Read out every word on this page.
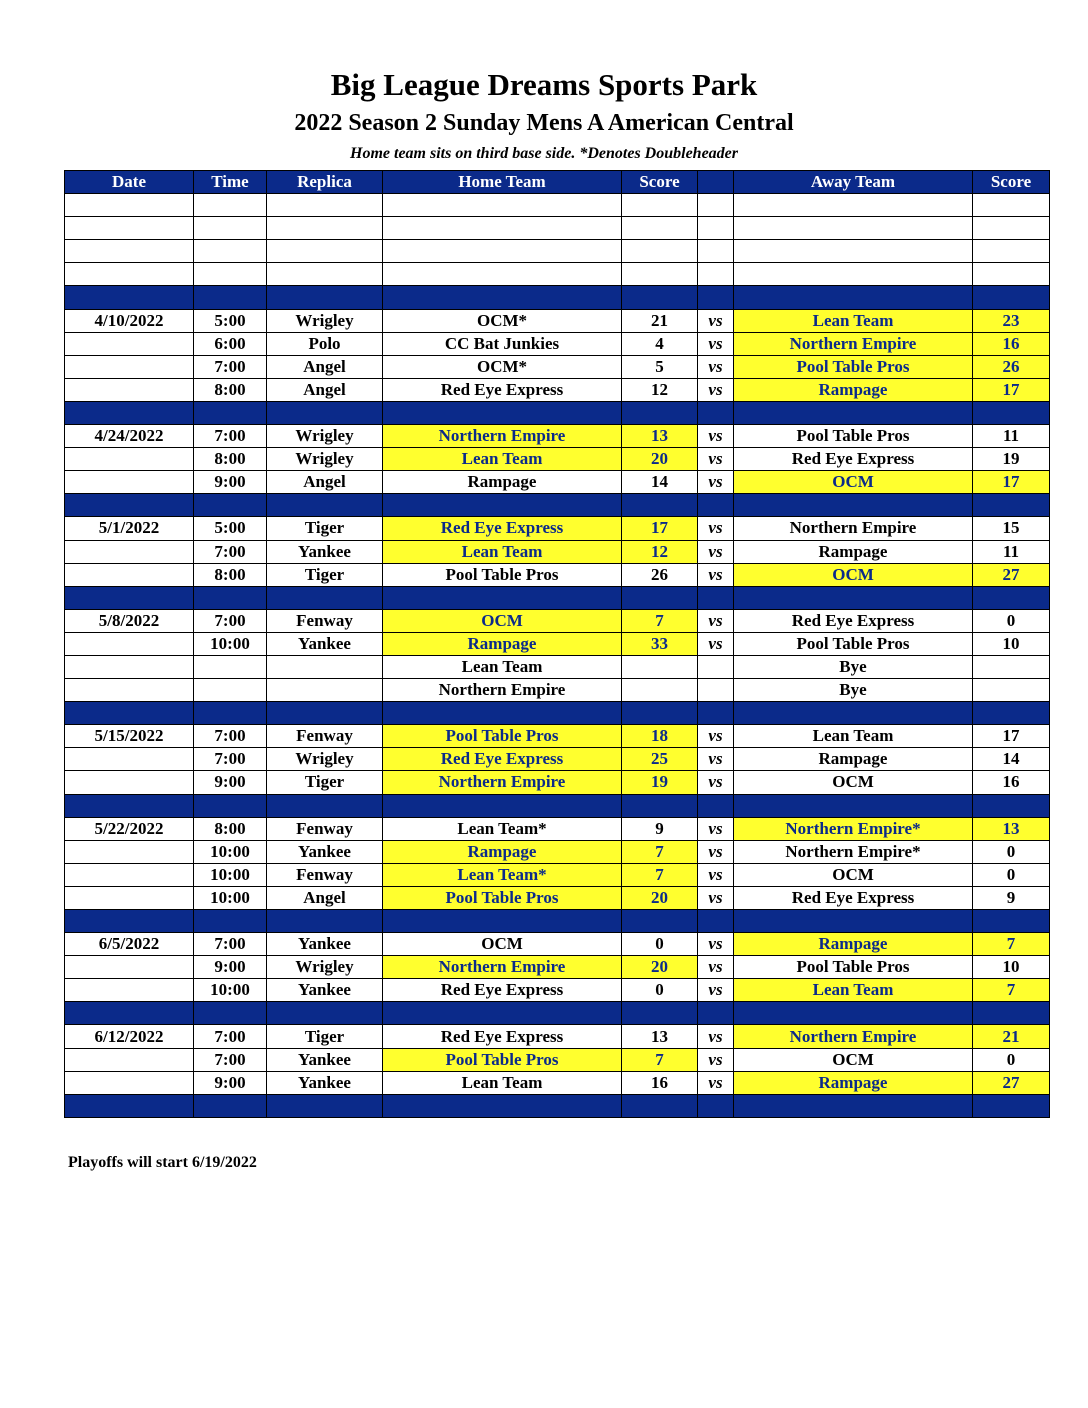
Big League Dreams Sports Park
2022 Season 2 Sunday Mens A American Central
Home team sits on third base side. *Denotes Doubleheader
Date	Time	Replica	Home Team	Score		Away Team	Score

4/10/2022	5:00	Wrigley	OCM*	21	vs	Lean Team	23
	6:00	Polo	CC Bat Junkies	4	vs	Northern Empire	16
	7:00	Angel	OCM*	5	vs	Pool Table Pros	26
	8:00	Angel	Red Eye Express	12	vs	Rampage	17

4/24/2022	7:00	Wrigley	Northern Empire	13	vs	Pool Table Pros	11
	8:00	Wrigley	Lean Team	20	vs	Red Eye Express	19
	9:00	Angel	Rampage	14	vs	OCM	17

5/1/2022	5:00	Tiger	Red Eye Express	17	vs	Northern Empire	15
	7:00	Yankee	Lean Team	12	vs	Rampage	11
	8:00	Tiger	Pool Table Pros	26	vs	OCM	27

5/8/2022	7:00	Fenway	OCM	7	vs	Red Eye Express	0
	10:00	Yankee	Rampage	33	vs	Pool Table Pros	10
			Lean Team			Bye	
			Northern Empire			Bye	

5/15/2022	7:00	Fenway	Pool Table Pros	18	vs	Lean Team	17
	7:00	Wrigley	Red Eye Express	25	vs	Rampage	14
	9:00	Tiger	Northern Empire	19	vs	OCM	16

5/22/2022	8:00	Fenway	Lean Team*	9	vs	Northern Empire*	13
	10:00	Yankee	Rampage	7	vs	Northern Empire*	0
	10:00	Fenway	Lean Team*	7	vs	OCM	0
	10:00	Angel	Pool Table Pros	20	vs	Red Eye Express	9

6/5/2022	7:00	Yankee	OCM	0	vs	Rampage	7
	9:00	Wrigley	Northern Empire	20	vs	Pool Table Pros	10
	10:00	Yankee	Red Eye Express	0	vs	Lean Team	7

6/12/2022	7:00	Tiger	Red Eye Express	13	vs	Northern Empire	21
	7:00	Yankee	Pool Table Pros	7	vs	OCM	0
	9:00	Yankee	Lean Team	16	vs	Rampage	27

Playoffs will start 6/19/2022
